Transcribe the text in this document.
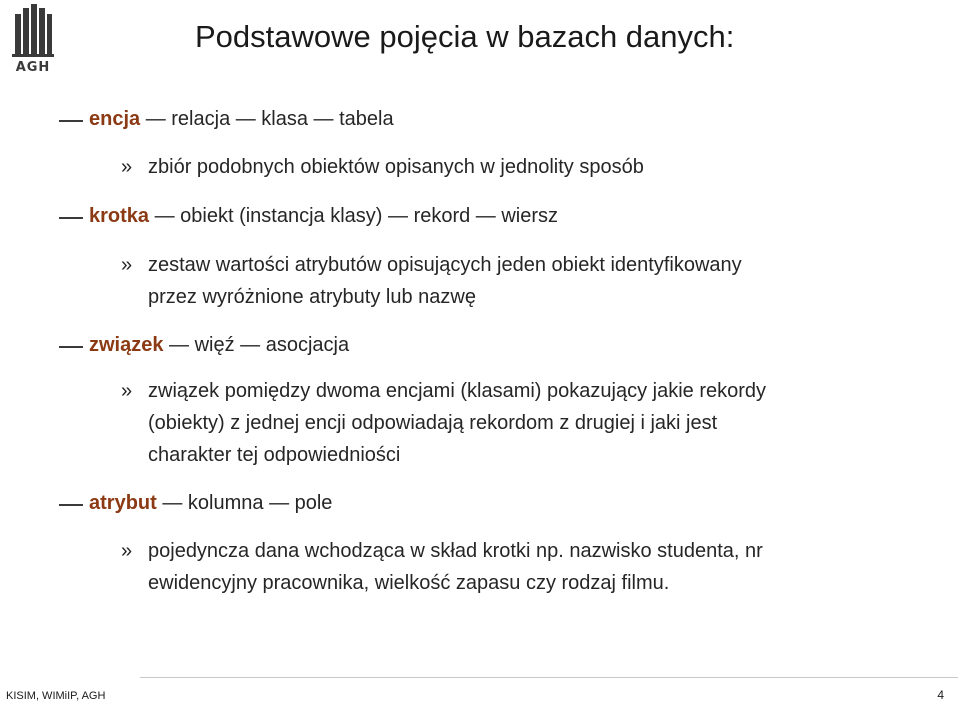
AGH
Podstawowe pojęcia w bazach danych:
encja — relacja — klasa — tabela
» zbiór podobnych obiektów opisanych w jednolity sposób
krotka — obiekt (instancja klasy) — rekord — wiersz
» zestaw wartości atrybutów opisujących jeden obiekt identyfikowany
przez wyróżnione atrybuty lub nazwę
związek — więź — asocjacja
» związek pomiędzy dwoma encjami (klasami) pokazujący jakie rekordy
(obiekty) z jednej encji odpowiadają rekordom z drugiej i jaki jest
charakter tej odpowiedniości
atrybut — kolumna — pole
» pojedyncza dana wchodząca w skład krotki np. nazwisko studenta, nr
ewidencyjny pracownika, wielkość zapasu czy rodzaj filmu.
KISIM, WIMiIP, AGH	4
